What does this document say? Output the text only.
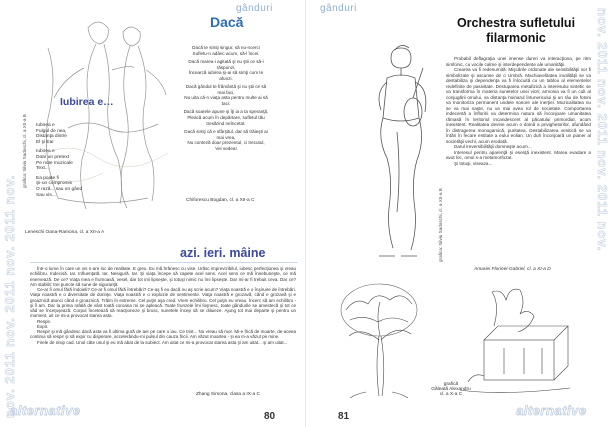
nov. 2011 nov. 2011 nov. 2011 nov.
gânduri
Iubirea e…
grafica: Silviu Sadoschi, cl. a XII-a B Iubirea e
Fulgul de nea,
Distanţa dintre
El şi Ea!

Iubirea e
Doar un pretext
Pe note muzicale
Text...

Ea poate fi
Şi-un compromis
O rază... sau un gând
Sau vis...

Leneschi Oana-Ramona, cl. a XII-a A
Dacă

Dacă te simţi singur, să nu-ncerci
Sufletu-n adânc acum, să-l încei.

Dacă marea-i agitată şi nu ştii ce să-i
răspunzi,
Încearcă iubirea şi-ai să simţi cum te
afunzi.

Dacă gândul te frământă şi nu ştii ce să
mai faci,
Nu uita că-n viaţa asta pentru multe ai să
taci.

Dacă soarele apune şi îţi ia a ta speranţă,
Pleacă acum în depărtare, sufletul tău
tresărind neîncetat.

Dacă simţi că e sfârşitul, dar să trăieşti ai
mai vrea,
Nu conteză doar prezentul, ci trecutul,
Vei vedea!

Chiforescu Bogdan, cl. a XII-a C
azi. ieri. mâine

Într-o lume în care un vis n-are loc de realitate. E greu. Eu mă hrănesc cu vise. Urăsc imprevizibilul, iubesc perfecţiunea şi vreau echilibru. Indecisă. Iar. Influenţată. Iar. Nesigură. Iar. Şi viaţa începe să capete acel sens. Acel sens ce mă înnebuneşte, ce mă enervează. De ce? Viaţa mea e frumoasă, vesel, dar tot imi lipseşte, şi totuşi nimic nu îmi lipseşte. Dar mi-ar fi trebuit ceva. Dar ce? Am stabilit: trei puncte să sune de siguranţă.

Ce-ar fi omul fără îndoieli? Ce-ar fi omul fără întrebări? Ce-aş fi eu dacă nu aş scrie acum? Viaţa noastră e o înşiruire de întrebări. Viaţa noastră e o diversitate de dorinţe. Viaţa noastră e o explozie de sentimente. Viaţa noastră e grozavă, când e grozavă şi e groaznică atunci când e groaznică. Trăim în extreme. Cel puţin aşa cred. Vrem echilibru. Cel puţin eu vreau. Încerc să am echilibru - şi îl am. Dar la prima rafală de vânt toată coroana mi se apleacă. Toate frunzele îmi foşnesc, toate gândurile se amestecă şi tot ce văd se înceţoşează. Corpul încetează să reacţioneze şi brusc, sunetele încep să se diluieze. Ajung tot mai departe şi pentru un moment, uit ce mi-a provocat starea asta.

Respir.

Expir.

Respir şi mă gândesc dacă asta va fi ultima gură de aer pe care o iau. Ce trist... Nu vreau să mor. Mi-e frică de moarte, de-aceea continui să respir şi să expir cu disperare, accelerându-mi pulsul din cauza fricii. Am văzut moartea - şi ea m-a văzut pe mine.

Firele de nisip cad. Unul câte unul şi eu mă abat de la subiect. Am uitat ce mi-a provocat starea asta şi am uitat... şi am uitat...

Zhang Simona, clasa a IX-a C
alternative	80
gânduri	nov. 2011 nov. 2011 nov. 2011 nov.
Orchestra sufletului filarmonic
grafica: Silviu Sadoschi, cl. a XII-a B

Probabil deflagraţia unei imense dureri va interacţiona, pe ritm simfonic, cu vocile calme şi interdependente ale umanităţii.

Crearea va fi redenumită. Mişcările ordonate ale sensibilităţii vor fi simbolizate şi ascunse de o Umbră. Machiavelitatea inutilităţii se va destabiliza şi dependenţa va fi înlocuită cu un tablou al elementelor redefinite de pasivitate. Destuparea metafizică a interesului sintetic se va transforma în materia sunetelor unei viori; armonia va fi un cult al conjugării omului, va distanţa hoinarul întunericului şi un râu de fotoni va monitoriza permanent undele sonore ale inerţiei. Muzicalitatea nu se va mai naşte, nu va mai avea rol de societate. Comportarea indecentă a înfloririi va determina natura să înconjoare umanitatea rămasă în teritoriul incandescent al păcatului primordial, acum inexistent. Realitatea devine acum o doină a privighetorilor, afundând în distragerea monogamică, puritatea. Destabilizarea venitică se va întări în fecare entitate a eului eolian. Un duh înconjoară un pianer al societăţii vechi, acum erodată.

Darul ireversibilităţii domneşte acum...

Interesul pentru aparenţă şi esenţă inexistent. Marea evadare a avut loc, omul s-a metamorfozat.

Şi totuşi, viseaza...

Amariei Florinel-Gabriel, cl. a XI-a D
grafică
Găleată Alexandru
cl. a X-a C
81	alternative
